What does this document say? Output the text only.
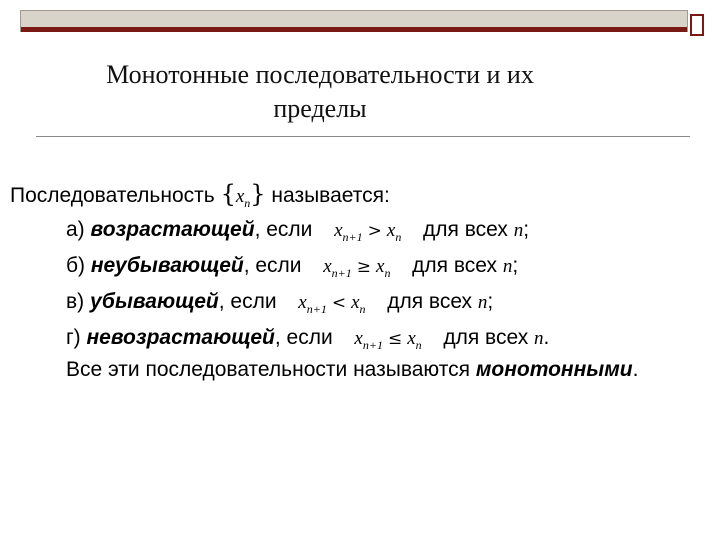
Монотонные последовательности и их
пределы
Последовательность $\{x_n\}$ называется:
а) возрастающей, если $x_{n+1} > x_n$ для всех n;
б) неубывающей, если $x_{n+1} \ge x_n$ для всех n;
в) убывающей, если $x_{n+1} < x_n$ для всех n;
г) невозрастающей, если $x_{n+1} \le x_n$ для всех n.
Все эти последовательности называются монотонными.
